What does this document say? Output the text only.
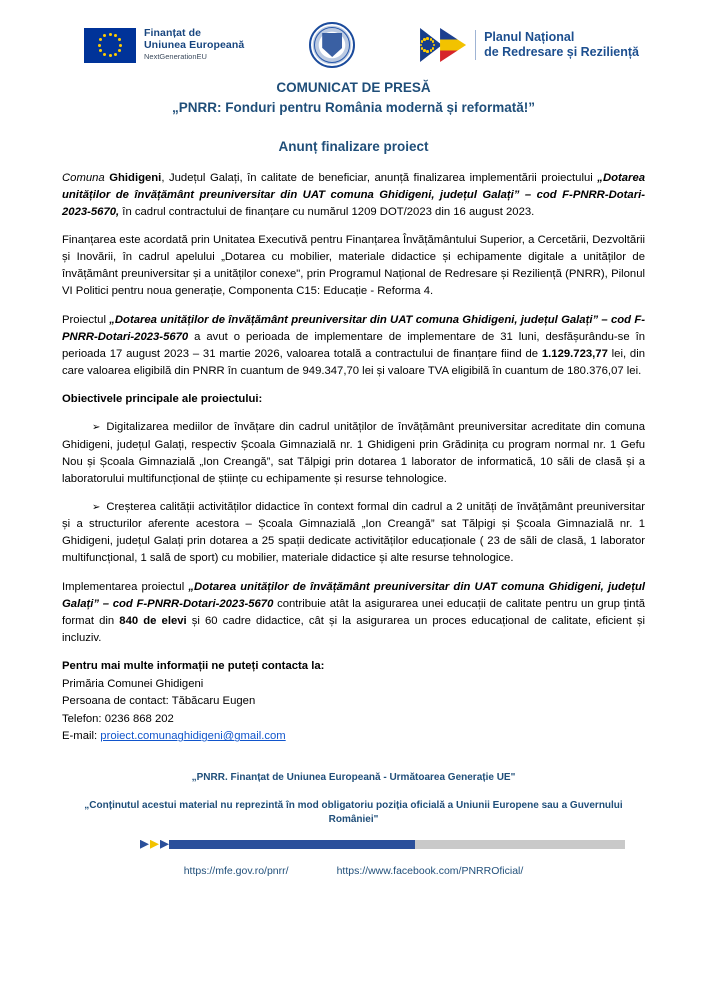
Finanțat de
Uniunea Europeană
NextGenerationEU
Planul Național
de Redresare și Reziliență
COMUNICAT DE PRESĂ
„PNRR: Fonduri pentru România modernă și reformată!”
Anunț finalizare proiect

Comuna Ghidigeni, Județul Galați, în calitate de beneficiar, anunță finalizarea implementării proiectului „Dotarea unităților de învățământ preuniversitar din UAT comuna Ghidigeni, județul Galați” – cod F-PNRR-Dotari-2023-5670, în cadrul contractului de finanțare cu numărul 1209 DOT/2023 din 16 august 2023.

Finanțarea este acordată prin Unitatea Executivă pentru Finanțarea Învățământului Superior, a Cercetării, Dezvoltării și Inovării, în cadrul apelului „Dotarea cu mobilier, materiale didactice și echipamente digitale a unităților de învățământ preuniversitar și a unităților conexe", prin Programul Național de Redresare și Reziliență (PNRR), Pilonul VI Politici pentru noua generație, Componenta C15: Educație - Reforma 4.

Proiectul „Dotarea unităților de învățământ preuniversitar din UAT comuna Ghidigeni, județul Galați” – cod F-PNRR-Dotari-2023-5670 a avut o perioada de implementare de implementare de 31 luni, desfășurându-se în perioada 17 august 2023 – 31 martie 2026, valoarea totală a contractului de finanțare fiind de 1.129.723,77 lei, din care valoarea eligibilă din PNRR în cuantum de 949.347,70 lei și valoare TVA eligibilă în cuantum de 180.376,07 lei.

Obiectivele principale ale proiectului:

➢ Digitalizarea mediilor de învățare din cadrul unităților de învățământ preuniversitar acreditate din comuna Ghidigeni, județul Galați, respectiv Școala Gimnazială nr. 1 Ghidigeni prin Grădinița cu program normal nr. 1 Gefu Nou și Școala Gimnazială „Ion Creangă”, sat Tălpigi prin dotarea 1 laborator de informatică, 10 săli de clasă și a laboratorului multifuncțional de științe cu echipamente și resurse tehnologice.

➢ Creșterea calității activităților didactice în context formal din cadrul a 2 unități de învățământ preuniversitar și a structurilor aferente acestora – Școala Gimnazială „Ion Creangă” sat Tălpigi și Școala Gimnazială nr. 1 Ghidigeni, județul Galați prin dotarea a 25 spații dedicate activităților educaționale ( 23 de săli de clasă, 1 laborator multifuncțional, 1 sală de sport) cu mobilier, materiale didactice și alte resurse tehnologice.

Implementarea proiectul „Dotarea unităților de învățământ preuniversitar din UAT comuna Ghidigeni, județul Galați” – cod F-PNRR-Dotari-2023-5670 contribuie atât la asigurarea unei educații de calitate pentru un grup țintă format din 840 de elevi și 60 cadre didactice, cât și la asigurarea un proces educațional de calitate, eficient și incluziv.

Pentru mai multe informații ne puteți contacta la:

Primăria Comunei Ghidigeni

Persoana de contact: Tăbăcaru Eugen

Telefon: 0236 868 202

E-mail: proiect.comunaghidigeni@gmail.com

„PNRR. Finanțat de Uniunea Europeană - Următoarea Generație UE"
„Conținutul acestui material nu reprezintă în mod obligatoriu poziția oficială a Uniunii Europene sau a Guvernului României"
https://mfe.gov.ro/pnrr/	https://www.facebook.com/PNRROficial/
